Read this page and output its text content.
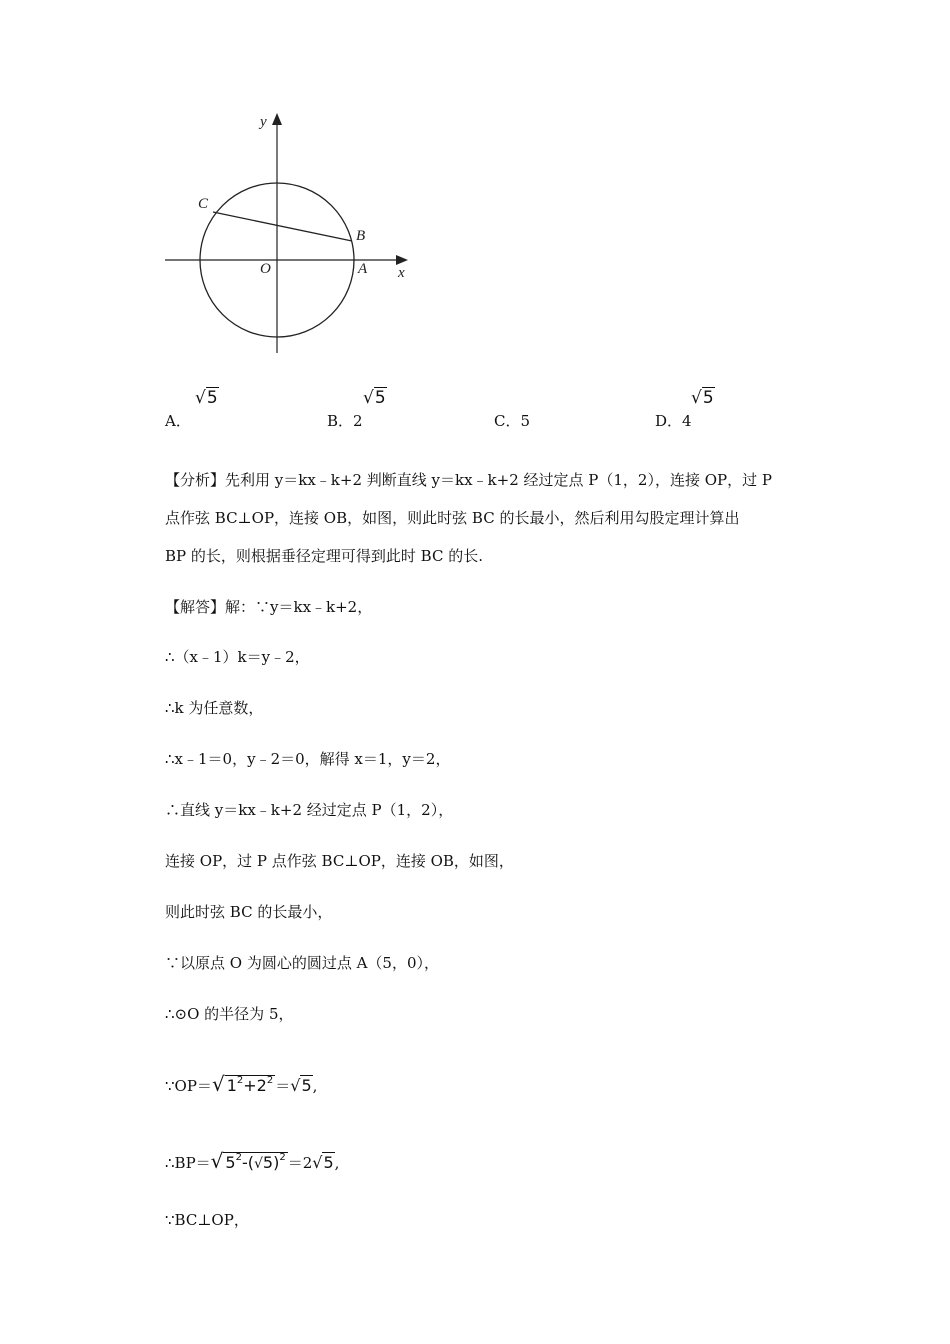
y
x
O	A
B
C
A．
√5
B．2
√5
C．5	D．4
√5
【分析】先利用 y＝kx﹣k+2 判断直线 y＝kx﹣k+2 经过定点 P（1，2），连接 OP，过 P
点作弦 BC⊥OP，连接 OB，如图，则此时弦 BC 的长最小，然后利用勾股定理计算出
BP 的长，则根据垂径定理可得到此时 BC 的长.
【解答】解：∵y＝kx﹣k+2，
∴（x﹣1）k＝y﹣2，
∴k 为任意数，
∴x﹣1＝0，y﹣2＝0，解得 x＝1，y＝2，
∴直线 y＝kx﹣k+2 经过定点 P（1，2），
连接 OP，过 P 点作弦 BC⊥OP，连接 OB，如图，
则此时弦 BC 的长最小，
∵以原点 O 为圆心的圆过点 A（5，0），
∴⊙O 的半径为 5，
∵OP＝√ $1^2+2^2 =√5$,
∴BP＝√ $5^2-(√5)^2 =2√5$,
∵BC⊥OP，
